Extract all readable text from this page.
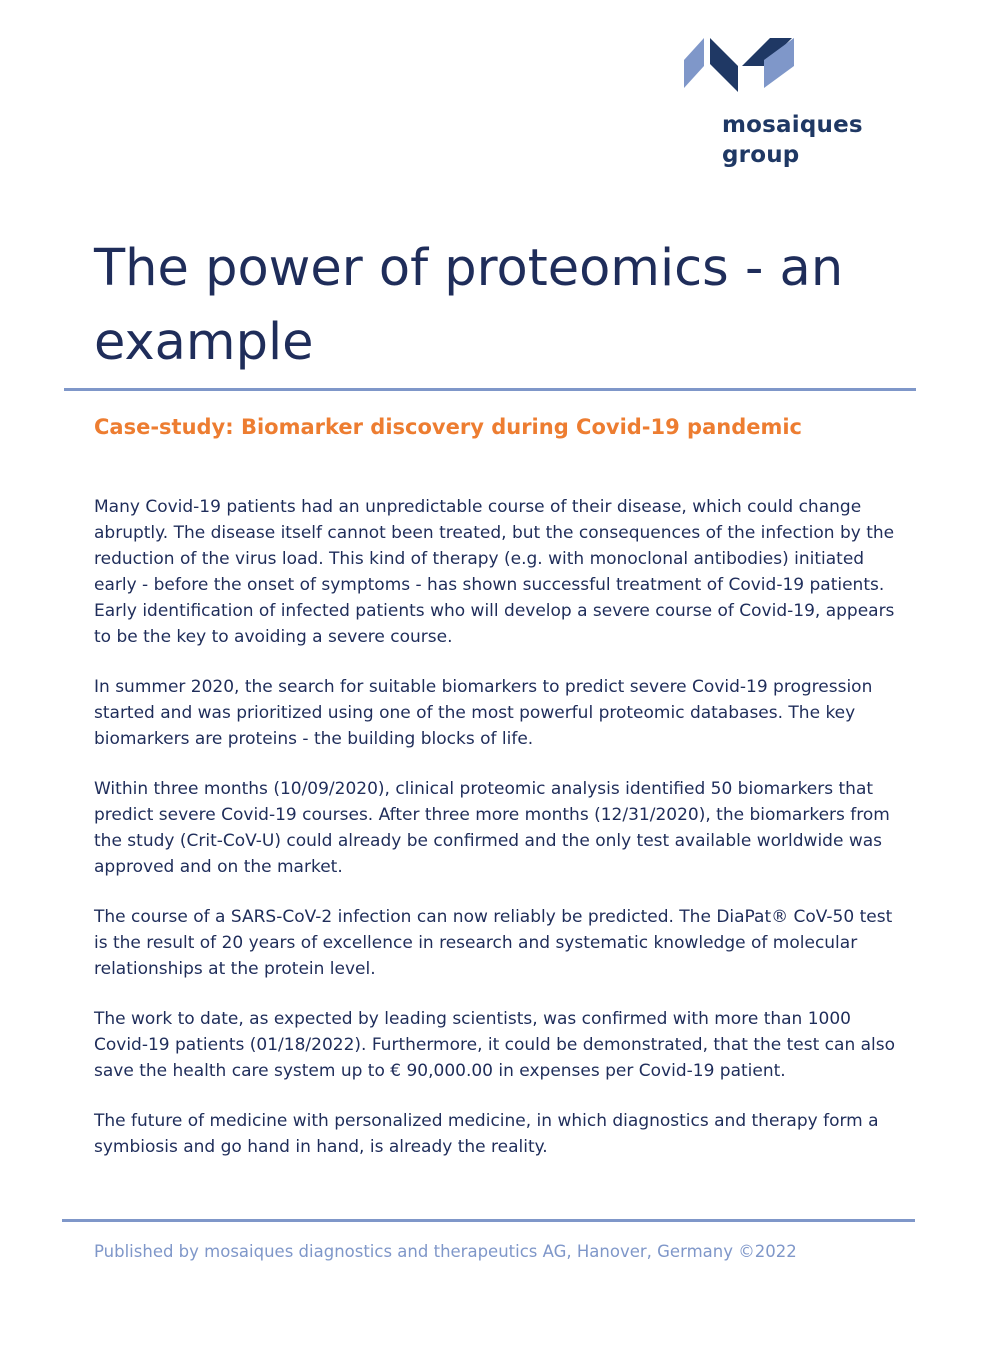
mosaiques
group
The power of proteomics - an example
Case-study: Biomarker discovery during Covid-19 pandemic

Many Covid-19 patients had an unpredictable course of their disease, which could change abruptly. The disease itself cannot been treated, but the consequences of the infection by the reduction of the virus load. This kind of therapy (e.g. with monoclonal antibodies) initiated early - before the onset of symptoms - has shown successful treatment of Covid-19 patients. Early identification of infected patients who will develop a severe course of Covid-19, appears to be the key to avoiding a severe course.

In summer 2020, the search for suitable biomarkers to predict severe Covid-19 progression started and was prioritized using one of the most powerful proteomic databases. The key biomarkers are proteins - the building blocks of life.

Within three months (10/09/2020), clinical proteomic analysis identified 50 biomarkers that predict severe Covid-19 courses. After three more months (12/31/2020), the biomarkers from the study (Crit-CoV-U) could already be confirmed and the only test available worldwide was approved and on the market.

The course of a SARS-CoV-2 infection can now reliably be predicted. The DiaPat® CoV-50 test is the result of 20 years of excellence in research and systematic knowledge of molecular relationships at the protein level.

The work to date, as expected by leading scientists, was confirmed with more than 1000 Covid-19 patients (01/18/2022). Furthermore, it could be demonstrated, that the test can also save the health care system up to € 90,000.00 in expenses per Covid-19 patient.

The future of medicine with personalized medicine, in which diagnostics and therapy form a symbiosis and go hand in hand, is already the reality.

Published by mosaiques diagnostics and therapeutics AG, Hanover, Germany ©2022
